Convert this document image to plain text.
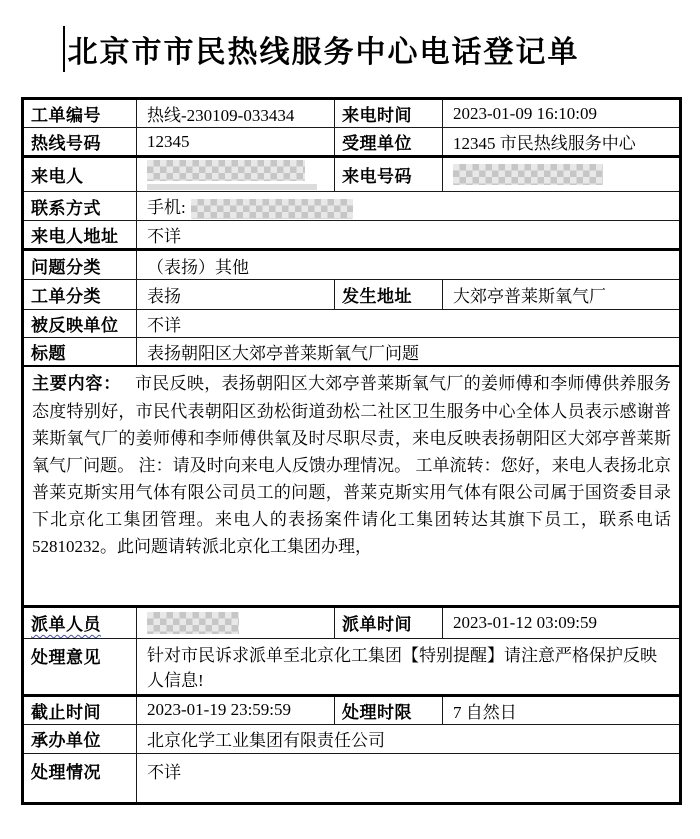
北京市市民热线服务中心电话登记单
工单编号	热线-230109-033434	来电时间	2023-01-09 16:10:09
热线号码	12345	受理单位	12345 市民热线服务中心
来电人		来电号码	

联系方式	手机:		
来电人地址	不详		
问题分类	（表扬）其他		
工单分类	表扬	发生地址	大郊亭普莱斯氧气厂
被反映单位	不详		
标题	表扬朝阳区大郊亭普莱斯氧气厂问题		
主要内容： 市民反映，表扬朝阳区大郊亭普莱斯氧气厂的姜师傅和李师傅供养服务态度特别好，市民代表朝阳区劲松街道劲松二社区卫生服务中心全体人员表示感谢普莱斯氧气厂的姜师傅和李师傅供氧及时尽职尽责，来电反映表扬朝阳区大郊亭普莱斯氧气厂问题。 注：请及时向来电人反馈办理情况。 工单流转：您好，来电人表扬北京普莱克斯实用气体有限公司员工的问题，普莱克斯实用气体有限公司属于国资委目录下北京化工集团管理。来电人的表扬案件请化工集团转达其旗下员工，联系电话 52810232。此问题请转派北京化工集团办理，			
派单人员		派单时间	2023-01-12 03:09:59
处理意见	针对市民诉求派单至北京化工集团【特别提醒】请注意严格保护反映人信息!		
截止时间	2023-01-19 23:59:59	处理时限	7 自然日
承办单位	北京化学工业集团有限责任公司		
处理情况	不详		
